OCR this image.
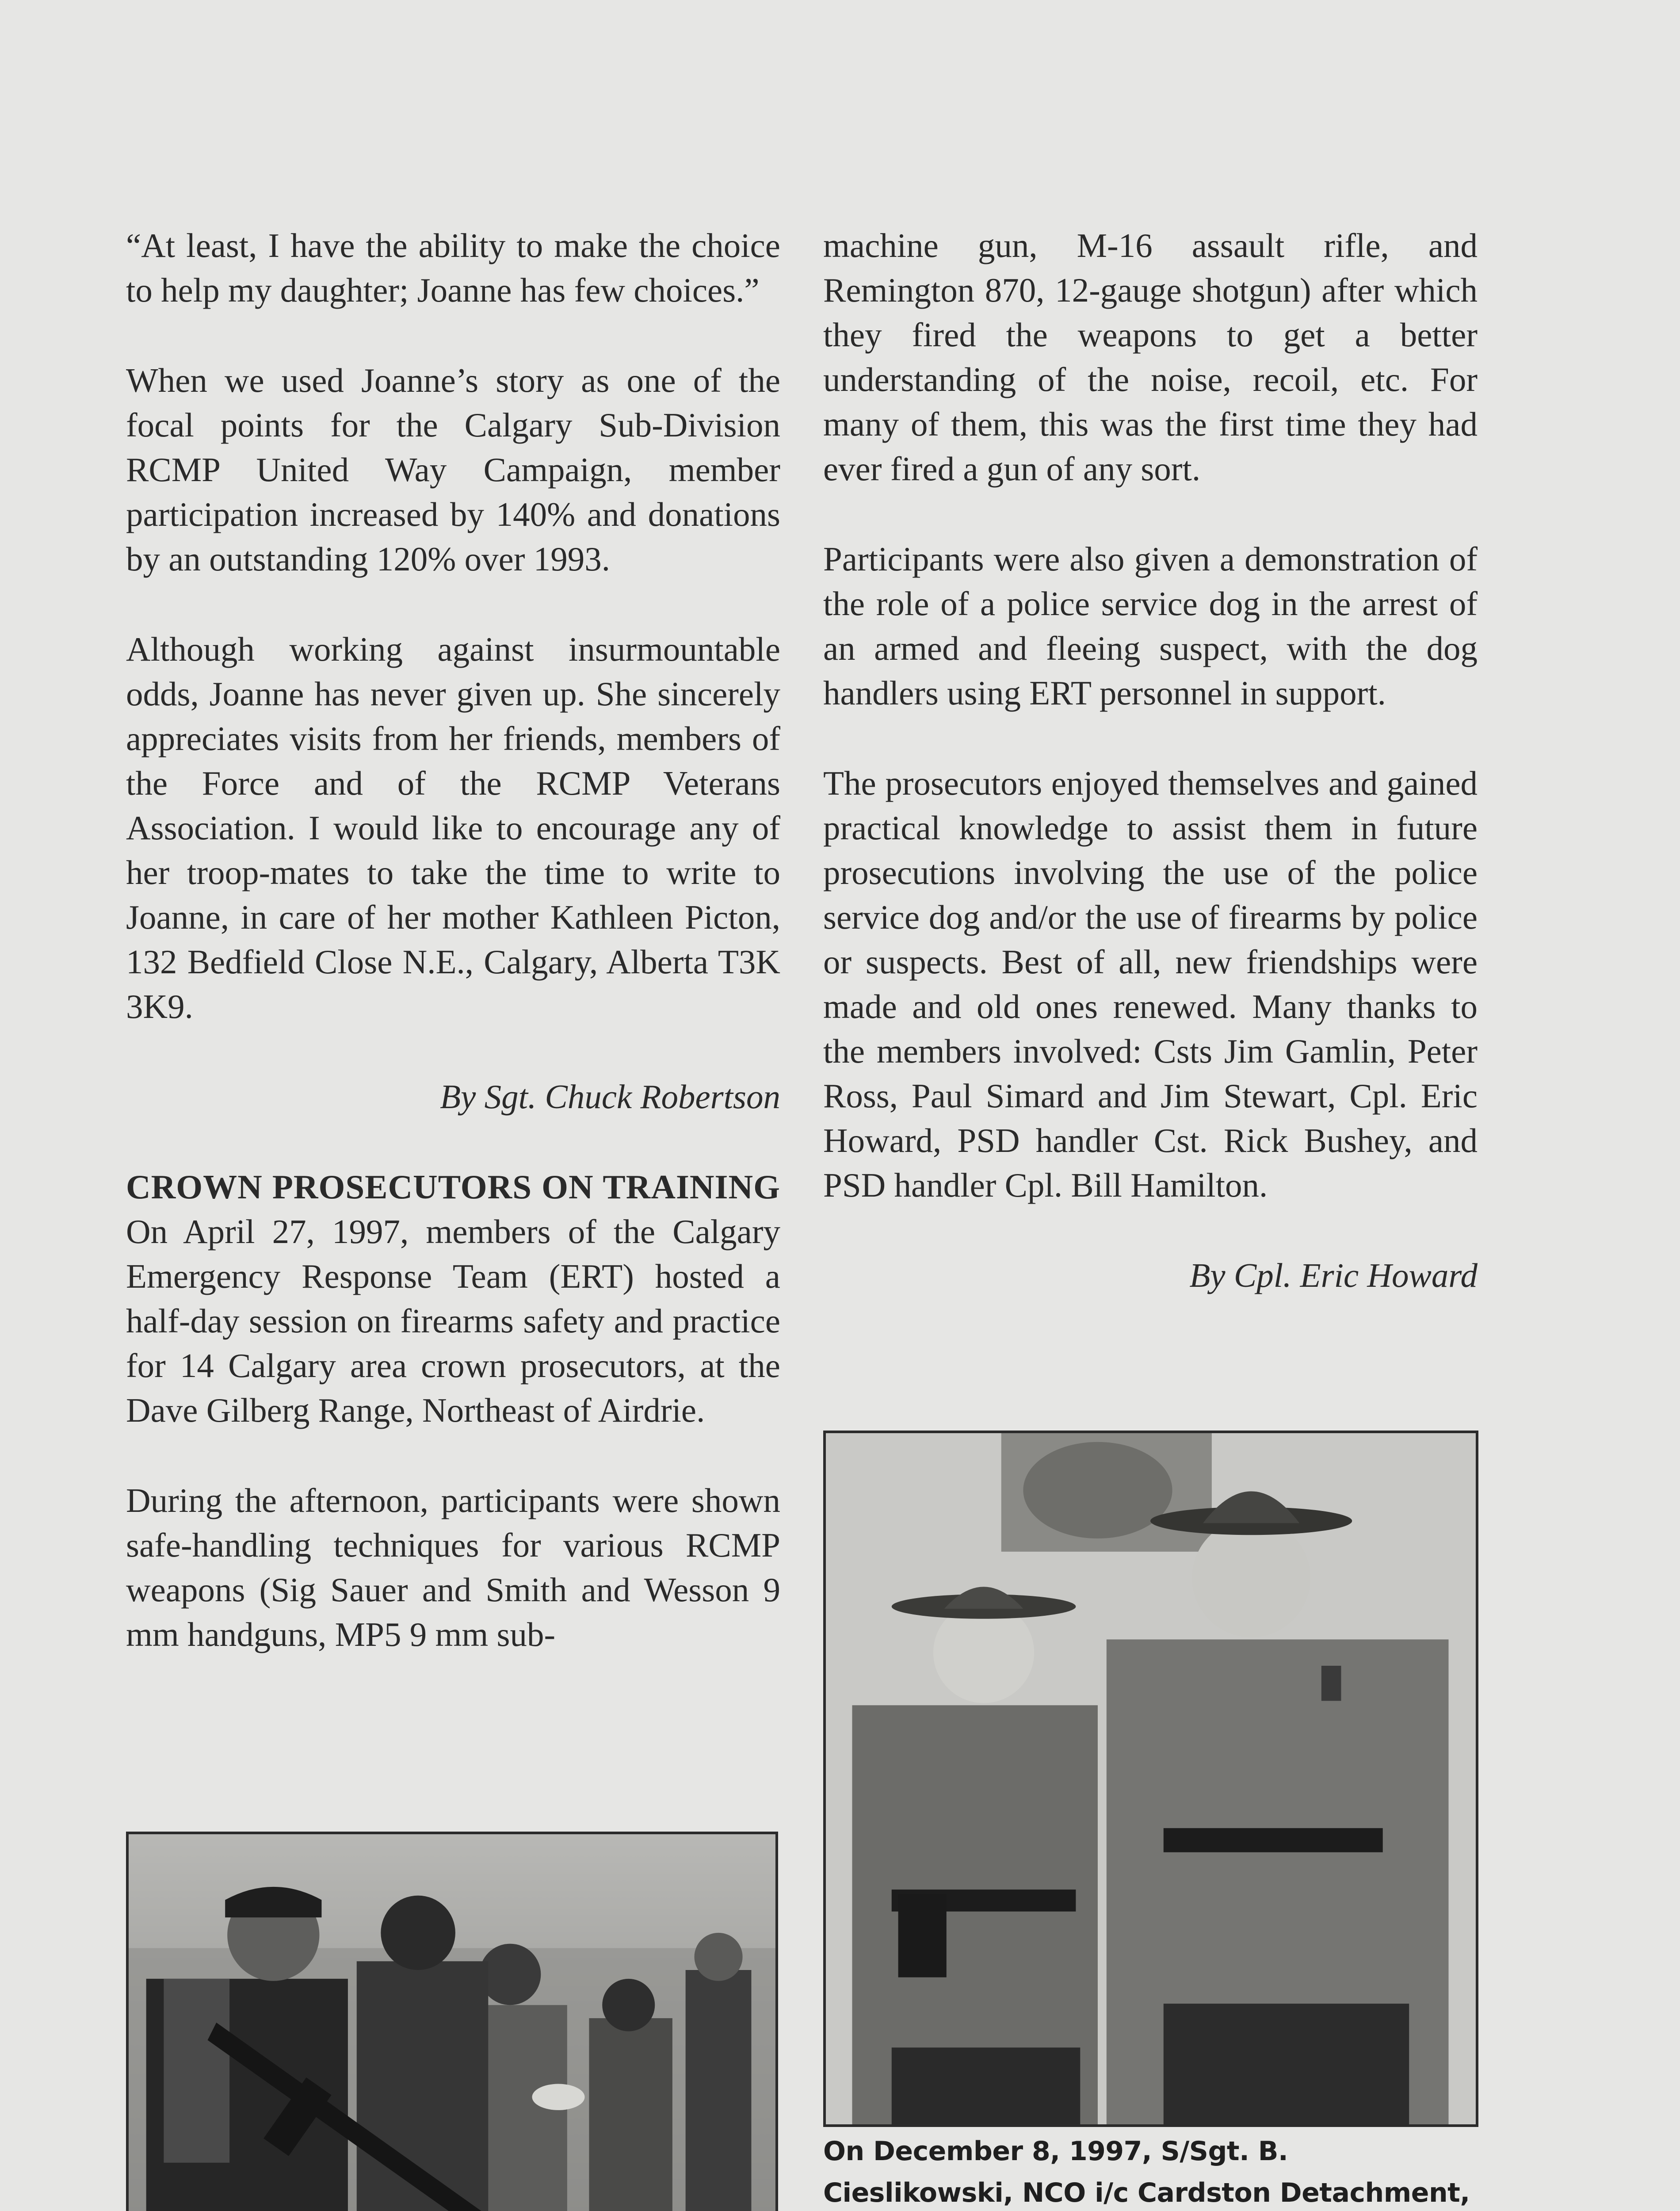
“At least, I have the ability to make the choice to help my daughter; Joanne has few choices.”

When we used Joanne’s story as one of the focal points for the Calgary Sub-Division RCMP United Way Campaign, member participation increased by 140% and donations by an outstanding 120% over 1993.

Although working against insurmountable odds, Joanne has never given up. She sincerely appreciates visits from her friends, members of the Force and of the RCMP Veterans Association. I would like to encourage any of her troop-mates to take the time to write to Joanne, in care of her mother Kathleen Picton, 132 Bedfield Close N.E., Calgary, Alberta T3K 3K9.

By Sgt. Chuck Robertson

CROWN PROSECUTORS ON TRAINING On April 27, 1997, members of the Calgary Emergency Response Team (ERT) hosted a half-day session on firearms safety and practice for 14 Calgary area crown prosecutors, at the Dave Gilberg Range, Northeast of Airdrie.

During the afternoon, participants were shown safe-handling techniques for various RCMP weapons (Sig Sauer and Smith and Wesson 9 mm handguns, MP5 9 mm sub-

machine gun, M-16 assault rifle, and Remington 870, 12-gauge shotgun) after which they fired the weapons to get a better understanding of the noise, recoil, etc. For many of them, this was the first time they had ever fired a gun of any sort.

Participants were also given a demonstration of the role of a police service dog in the arrest of an armed and fleeing suspect, with the dog handlers using ERT personnel in support.

The prosecutors enjoyed themselves and gained practical knowledge to assist them in future prosecutions involving the use of the police service dog and/or the use of firearms by police or suspects. Best of all, new friendships were made and old ones renewed. Many thanks to the members involved: Csts Jim Gamlin, Peter Ross, Paul Simard and Jim Stewart, Cpl. Eric Howard, PSD handler Cst. Rick Bushey, and PSD handler Cpl. Bill Hamilton.

By Cpl. Eric Howard

On December 8, 1997, S/Sgt. B. Cieslikowski, NCO i/c Cardston Detachment,
